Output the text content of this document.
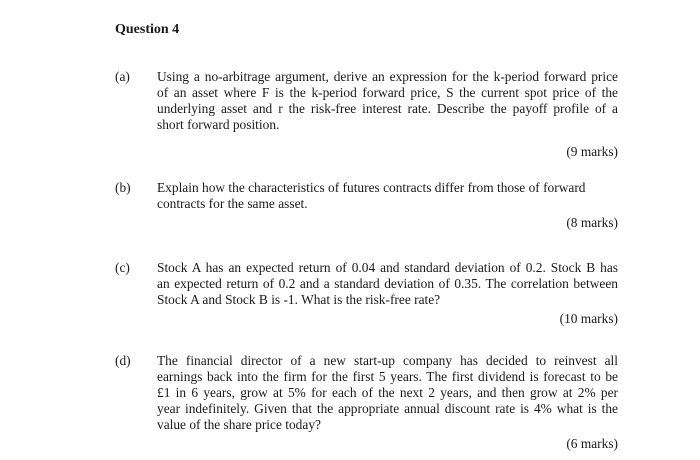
Question 4
(a) Using a no-arbitrage argument, derive an expression for the k-period forward price
of an asset where F is the k-period forward price, S the current spot price of the
underlying asset and r the risk-free interest rate. Describe the payoff profile of a
short forward position.
(9 marks)
(b) Explain how the characteristics of futures contracts differ from those of forward
contracts for the same asset.
(8 marks)
(c) Stock A has an expected return of 0.04 and standard deviation of 0.2. Stock B has
an expected return of 0.2 and a standard deviation of 0.35. The correlation between
Stock A and Stock B is -1. What is the risk-free rate?
(10 marks)
(d) The financial director of a new start-up company has decided to reinvest all
earnings back into the firm for the first 5 years. The first dividend is forecast to be
£1 in 6 years, grow at 5% for each of the next 2 years, and then grow at 2% per
year indefinitely. Given that the appropriate annual discount rate is 4% what is the
value of the share price today?
(6 marks)
